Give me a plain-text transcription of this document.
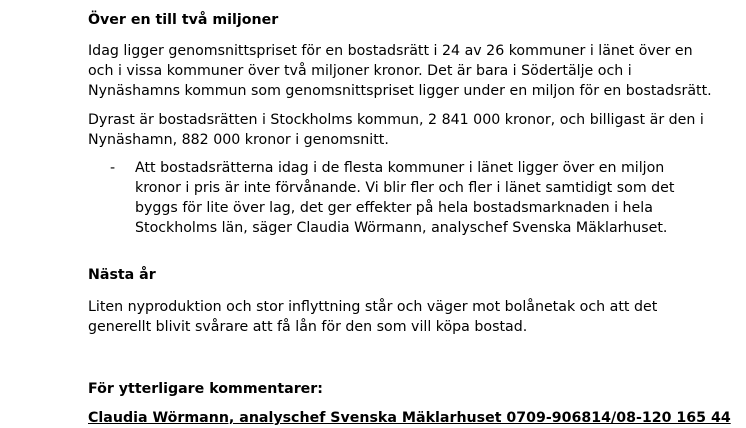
Över en till två miljoner
Idag ligger genomsnittspriset för en bostadsrätt i 24 av 26 kommuner i länet över en
och i vissa kommuner över två miljoner kronor. Det är bara i Södertälje och i
Nynäshamns kommun som genomsnittspriset ligger under en miljon för en bostadsrätt.
Dyrast är bostadsrätten i Stockholms kommun, 2 841 000 kronor, och billigast är den i
Nynäshamn, 882 000 kronor i genomsnitt.
- Att bostadsrätterna idag i de flesta kommuner i länet ligger över en miljon
kronor i pris är inte förvånande. Vi blir fler och fler i länet samtidigt som det
byggs för lite över lag, det ger effekter på hela bostadsmarknaden i hela
Stockholms län, säger Claudia Wörmann, analyschef Svenska Mäklarhuset.
Nästa år
Liten nyproduktion och stor inflyttning står och väger mot bolånetak och att det
generellt blivit svårare att få lån för den som vill köpa bostad.
För ytterligare kommentarer:
Claudia Wörmann, analyschef Svenska Mäklarhuset 0709-906814/08-120 165 44
